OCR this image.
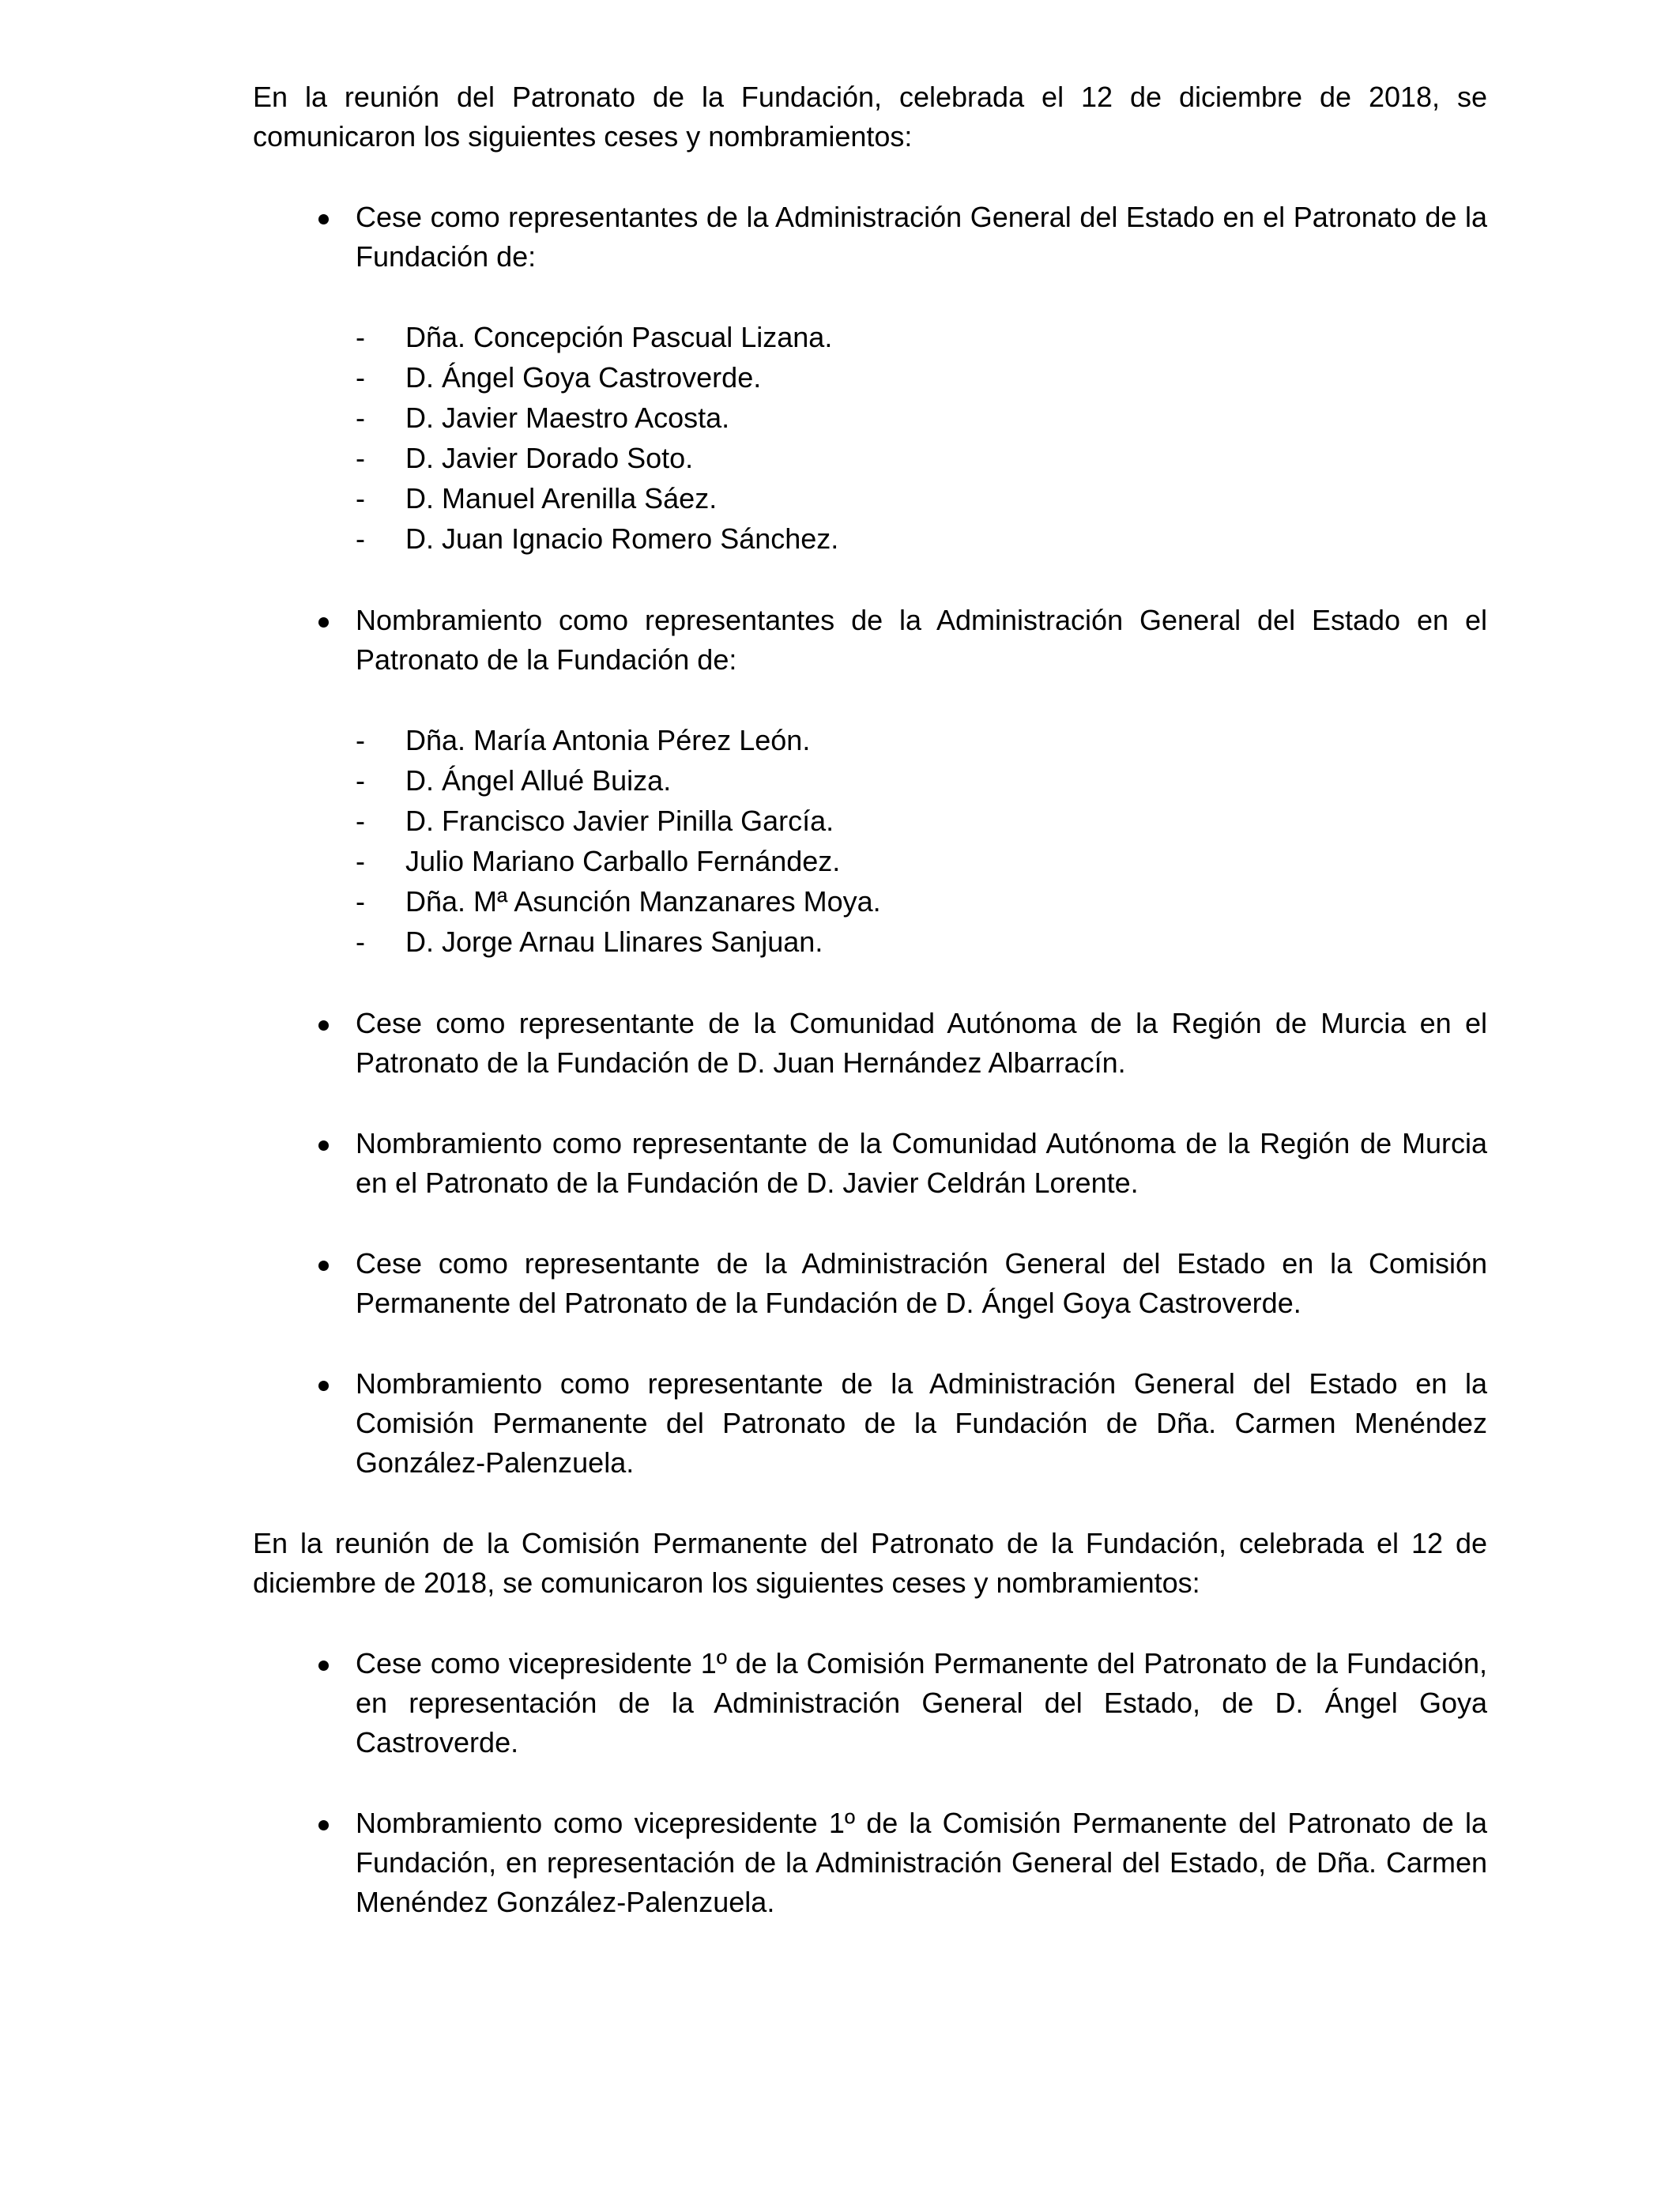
En la reunión del Patronato de la Fundación, celebrada el 12 de diciembre de 2018, se comunicaron los siguientes ceses y nombramientos:

Cese como representantes de la Administración General del Estado en el Patronato de la Fundación de:

- Dña. Concepción Pascual Lizana.
- D. Ángel Goya Castroverde.
- D. Javier Maestro Acosta.
- D. Javier Dorado Soto.
- D. Manuel Arenilla Sáez.
- D. Juan Ignacio Romero Sánchez.

Nombramiento como representantes de la Administración General del Estado en el Patronato de la Fundación de:

- Dña. María Antonia Pérez León.
- D. Ángel Allué Buiza.
- D. Francisco Javier Pinilla García.
- Julio Mariano Carballo Fernández.
- Dña. Mª Asunción Manzanares Moya.
- D. Jorge Arnau Llinares Sanjuan.

Cese como representante de la Comunidad Autónoma de la Región de Murcia en el Patronato de la Fundación de D. Juan Hernández Albarracín.

Nombramiento como representante de la Comunidad Autónoma de la Región de Murcia en el Patronato de la Fundación de D. Javier Celdrán Lorente.

Cese como representante de la Administración General del Estado en la Comisión Permanente del Patronato de la Fundación de D. Ángel Goya Castroverde.

Nombramiento como representante de la Administración General del Estado en la Comisión Permanente del Patronato de la Fundación de Dña. Carmen Menéndez González-Palenzuela.

En la reunión de la Comisión Permanente del Patronato de la Fundación, celebrada el 12 de diciembre de 2018, se comunicaron los siguientes ceses y nombramientos:

Cese como vicepresidente 1º de la Comisión Permanente del Patronato de la Fundación, en representación de la Administración General del Estado, de D. Ángel Goya Castroverde.

Nombramiento como vicepresidente 1º de la Comisión Permanente del Patronato de la Fundación, en representación de la Administración General del Estado, de Dña. Carmen Menéndez González-Palenzuela.
